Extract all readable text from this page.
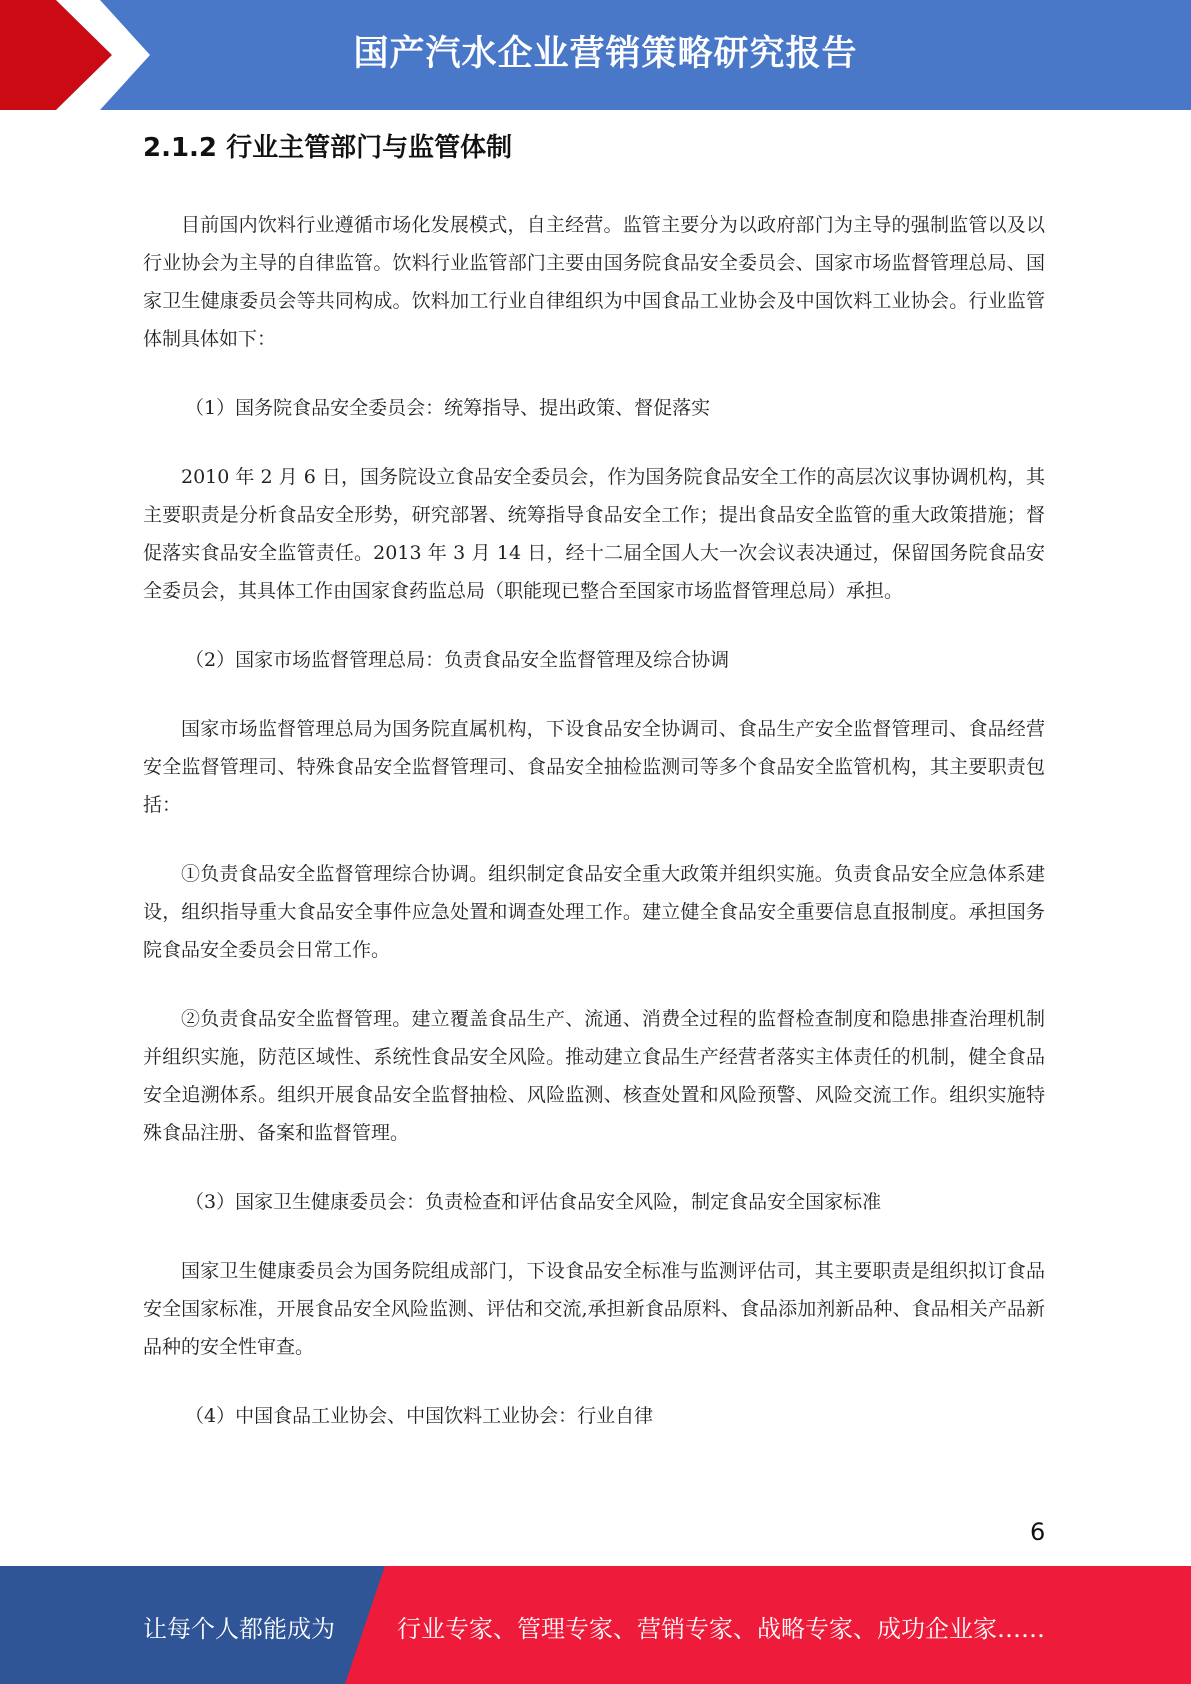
国产汽水企业营销策略研究报告
2.1.2 行业主管部门与监管体制

目前国内饮料行业遵循市场化发展模式，自主经营。监管主要分为以政府部门为主导的强制监管以及以行业协会为主导的自律监管。饮料行业监管部门主要由国务院食品安全委员会、国家市场监督管理总局、国家卫生健康委员会等共同构成。饮料加工行业自律组织为中国食品工业协会及中国饮料工业协会。行业监管体制具体如下：

（1）国务院食品安全委员会：统筹指导、提出政策、督促落实

2010 年 2 月 6 日，国务院设立食品安全委员会，作为国务院食品安全工作的高层次议事协调机构，其主要职责是分析食品安全形势，研究部署、统筹指导食品安全工作；提出食品安全监管的重大政策措施；督促落实食品安全监管责任。2013 年 3 月 14 日，经十二届全国人大一次会议表决通过，保留国务院食品安全委员会，其具体工作由国家食药监总局（职能现已整合至国家市场监督管理总局）承担。

（2）国家市场监督管理总局：负责食品安全监督管理及综合协调

国家市场监督管理总局为国务院直属机构，下设食品安全协调司、食品生产安全监督管理司、食品经营安全监督管理司、特殊食品安全监督管理司、食品安全抽检监测司等多个食品安全监管机构，其主要职责包括：

①负责食品安全监督管理综合协调。组织制定食品安全重大政策并组织实施。负责食品安全应急体系建设，组织指导重大食品安全事件应急处置和调查处理工作。建立健全食品安全重要信息直报制度。承担国务院食品安全委员会日常工作。

②负责食品安全监督管理。建立覆盖食品生产、流通、消费全过程的监督检查制度和隐患排查治理机制并组织实施，防范区域性、系统性食品安全风险。推动建立食品生产经营者落实主体责任的机制，健全食品安全追溯体系。组织开展食品安全监督抽检、风险监测、核查处置和风险预警、风险交流工作。组织实施特殊食品注册、备案和监督管理。

（3）国家卫生健康委员会：负责检查和评估食品安全风险，制定食品安全国家标准

国家卫生健康委员会为国务院组成部门，下设食品安全标准与监测评估司，其主要职责是组织拟订食品安全国家标准，开展食品安全风险监测、评估和交流,承担新食品原料、食品添加剂新品种、食品相关产品新品种的安全性审查。

（4）中国食品工业协会、中国饮料工业协会：行业自律

6
让每个人都能成为	行业专家、管理专家、营销专家、战略专家、成功企业家……
